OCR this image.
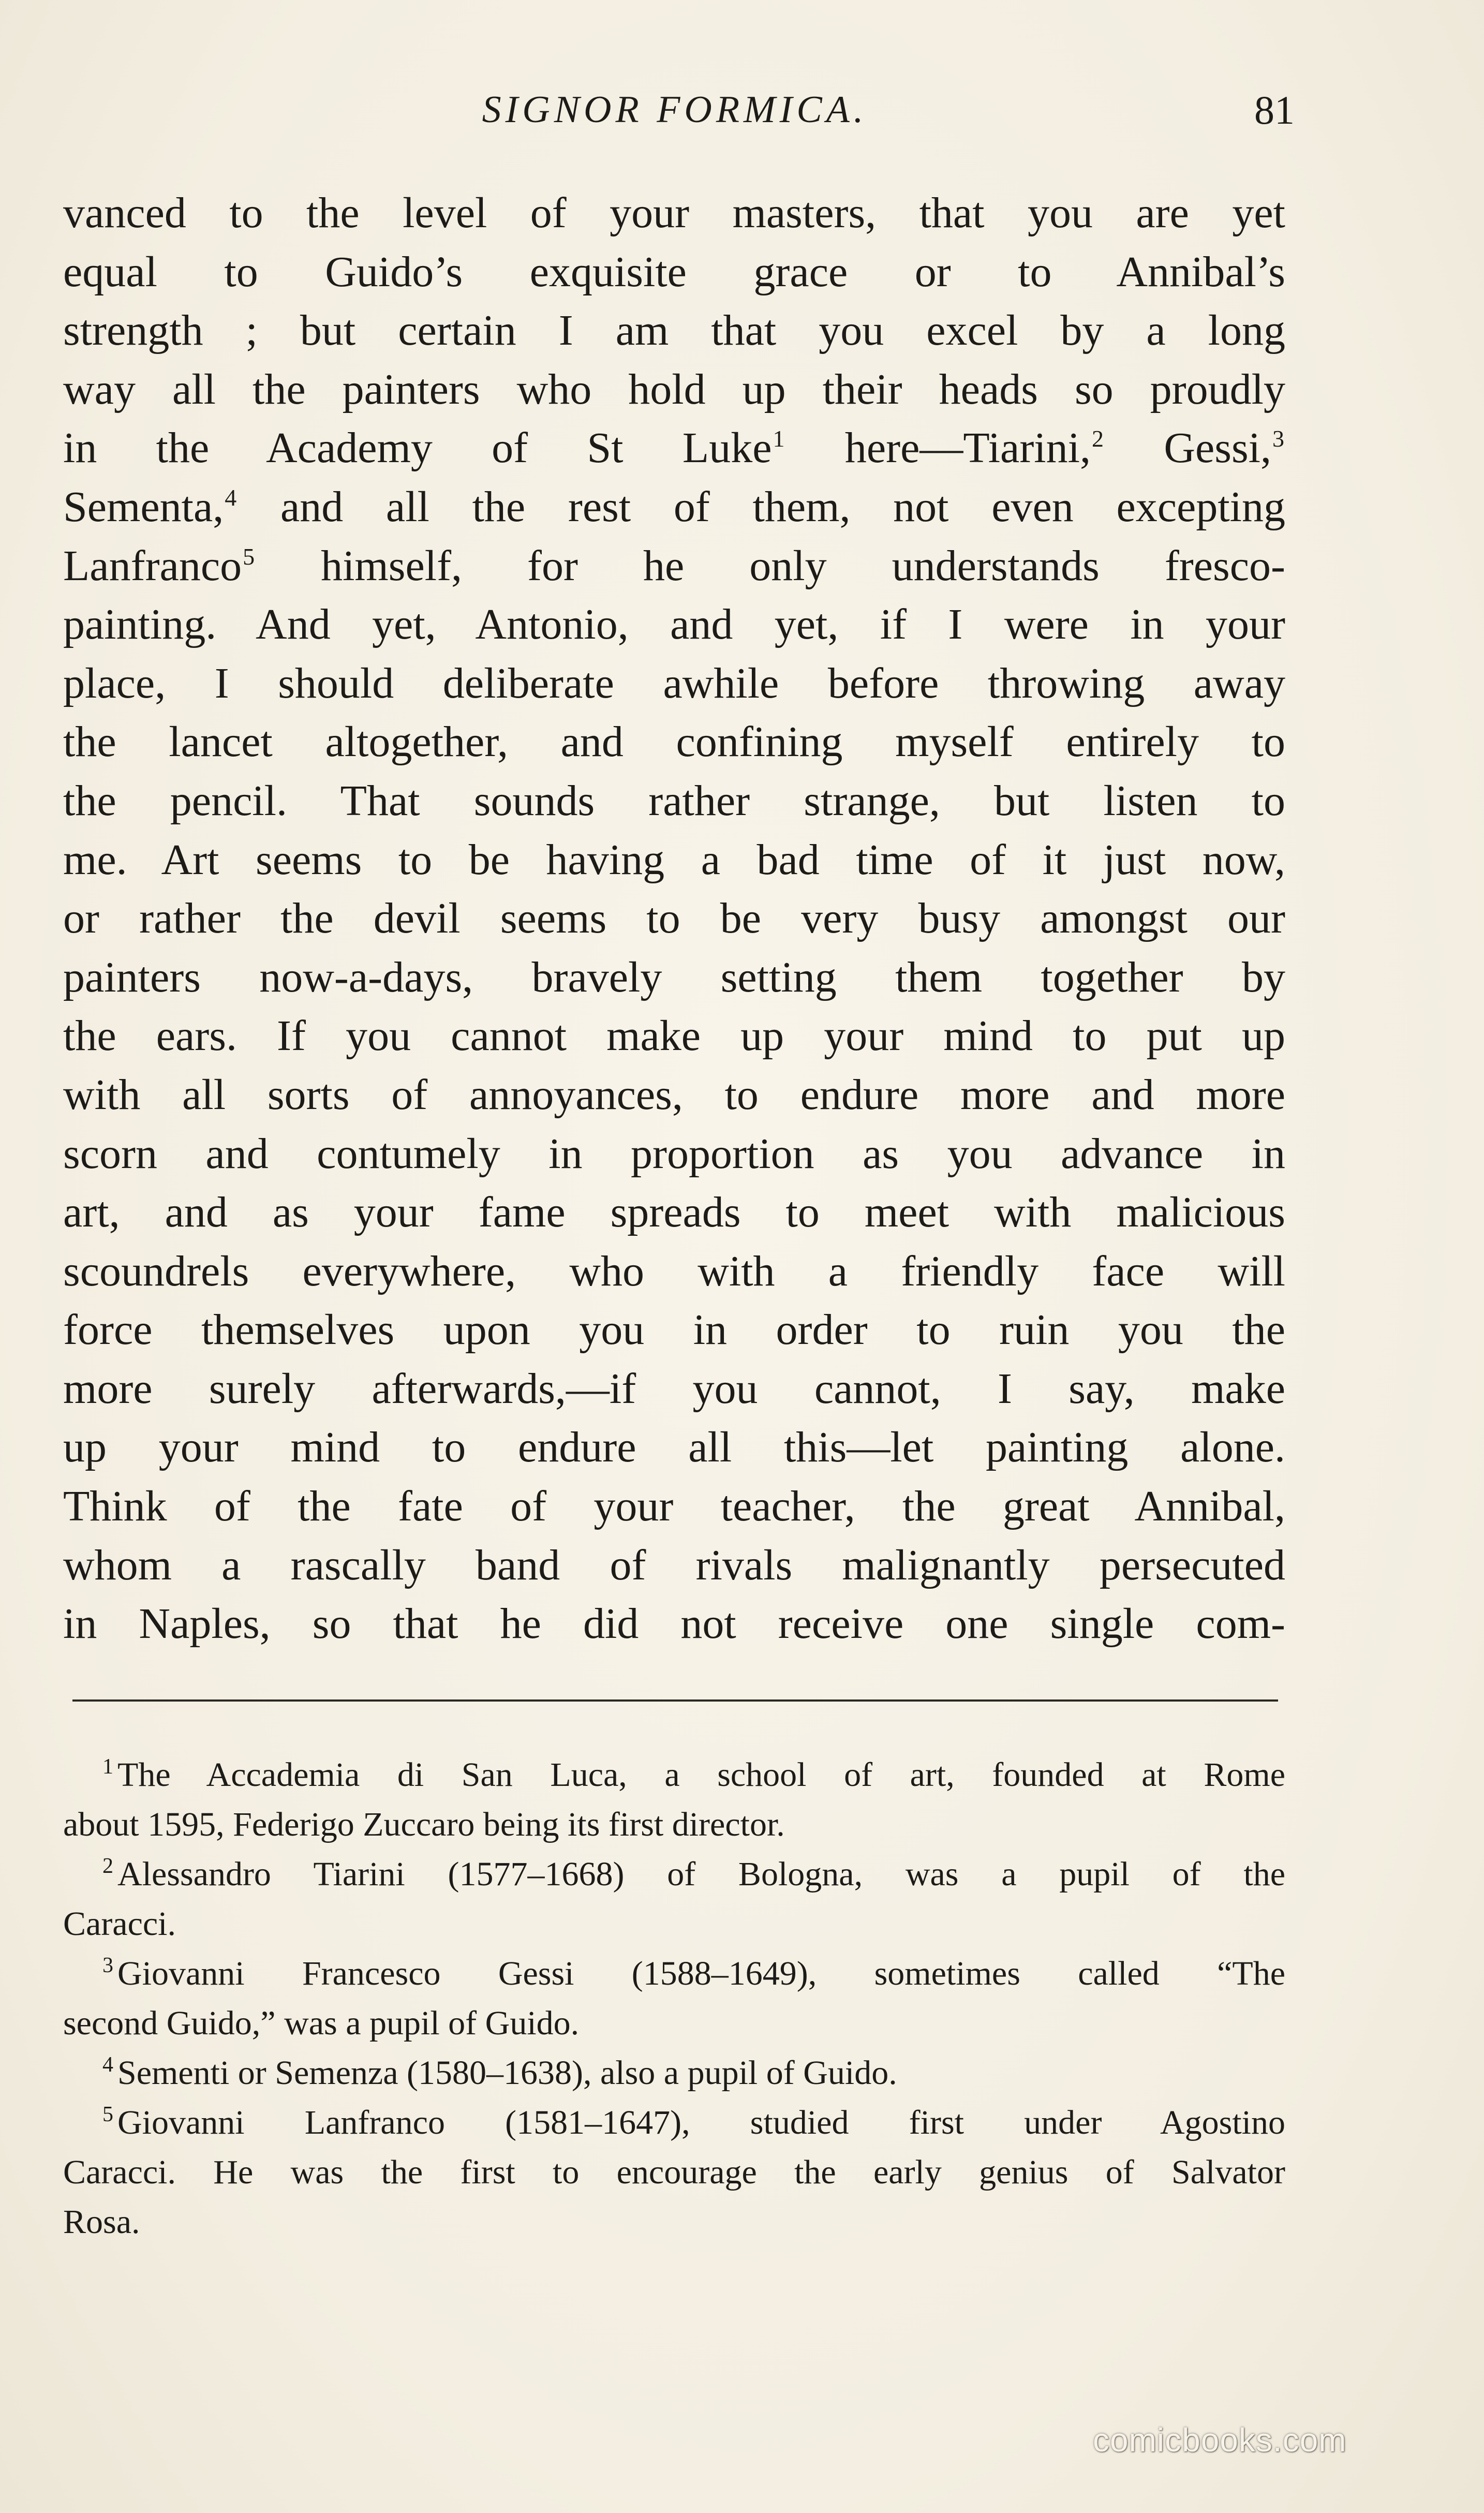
SIGNOR FORMICA.	81
vanced to the level of your masters, that you are yet
equal to Guido’s exquisite grace or to Annibal’s
strength ; but certain I am that you excel by a long
way all the painters who hold up their heads so proudly
in the Academy of St Luke$^1$ here—Tiarini,$^2$ Gessi,$^3$
Sementa,$^4$ and all the rest of them, not even excepting
Lanfranco$^5$ himself, for he only understands fresco-
painting. And yet, Antonio, and yet, if I were in your
place, I should deliberate awhile before throwing away
the lancet altogether, and confining myself entirely to
the pencil. That sounds rather strange, but listen to
me. Art seems to be having a bad time of it just now,
or rather the devil seems to be very busy amongst our
painters now-a-days, bravely setting them together by
the ears. If you cannot make up your mind to put up
with all sorts of annoyances, to endure more and more
scorn and contumely in proportion as you advance in
art, and as your fame spreads to meet with malicious
scoundrels everywhere, who with a friendly face will
force themselves upon you in order to ruin you the
more surely afterwards,—if you cannot, I say, make
up your mind to endure all this—let painting alone.
Think of the fate of your teacher, the great Annibal,
whom a rascally band of rivals malignantly persecuted
in Naples, so that he did not receive one single com-
$^1$ The Accademia di San Luca, a school of art, founded at Rome
about 1595, Federigo Zuccaro being its first director.
$^2$ Alessandro Tiarini (1577–1668) of Bologna, was a pupil of the
Caracci.
$^3$ Giovanni Francesco Gessi (1588–1649), sometimes called “The
second Guido,” was a pupil of Guido.
$^4$ Sementi or Semenza (1580–1638), also a pupil of Guido.
$^5$ Giovanni Lanfranco (1581–1647), studied first under Agostino
Caracci. He was the first to encourage the early genius of Salvator
Rosa.
comicbooks.com
